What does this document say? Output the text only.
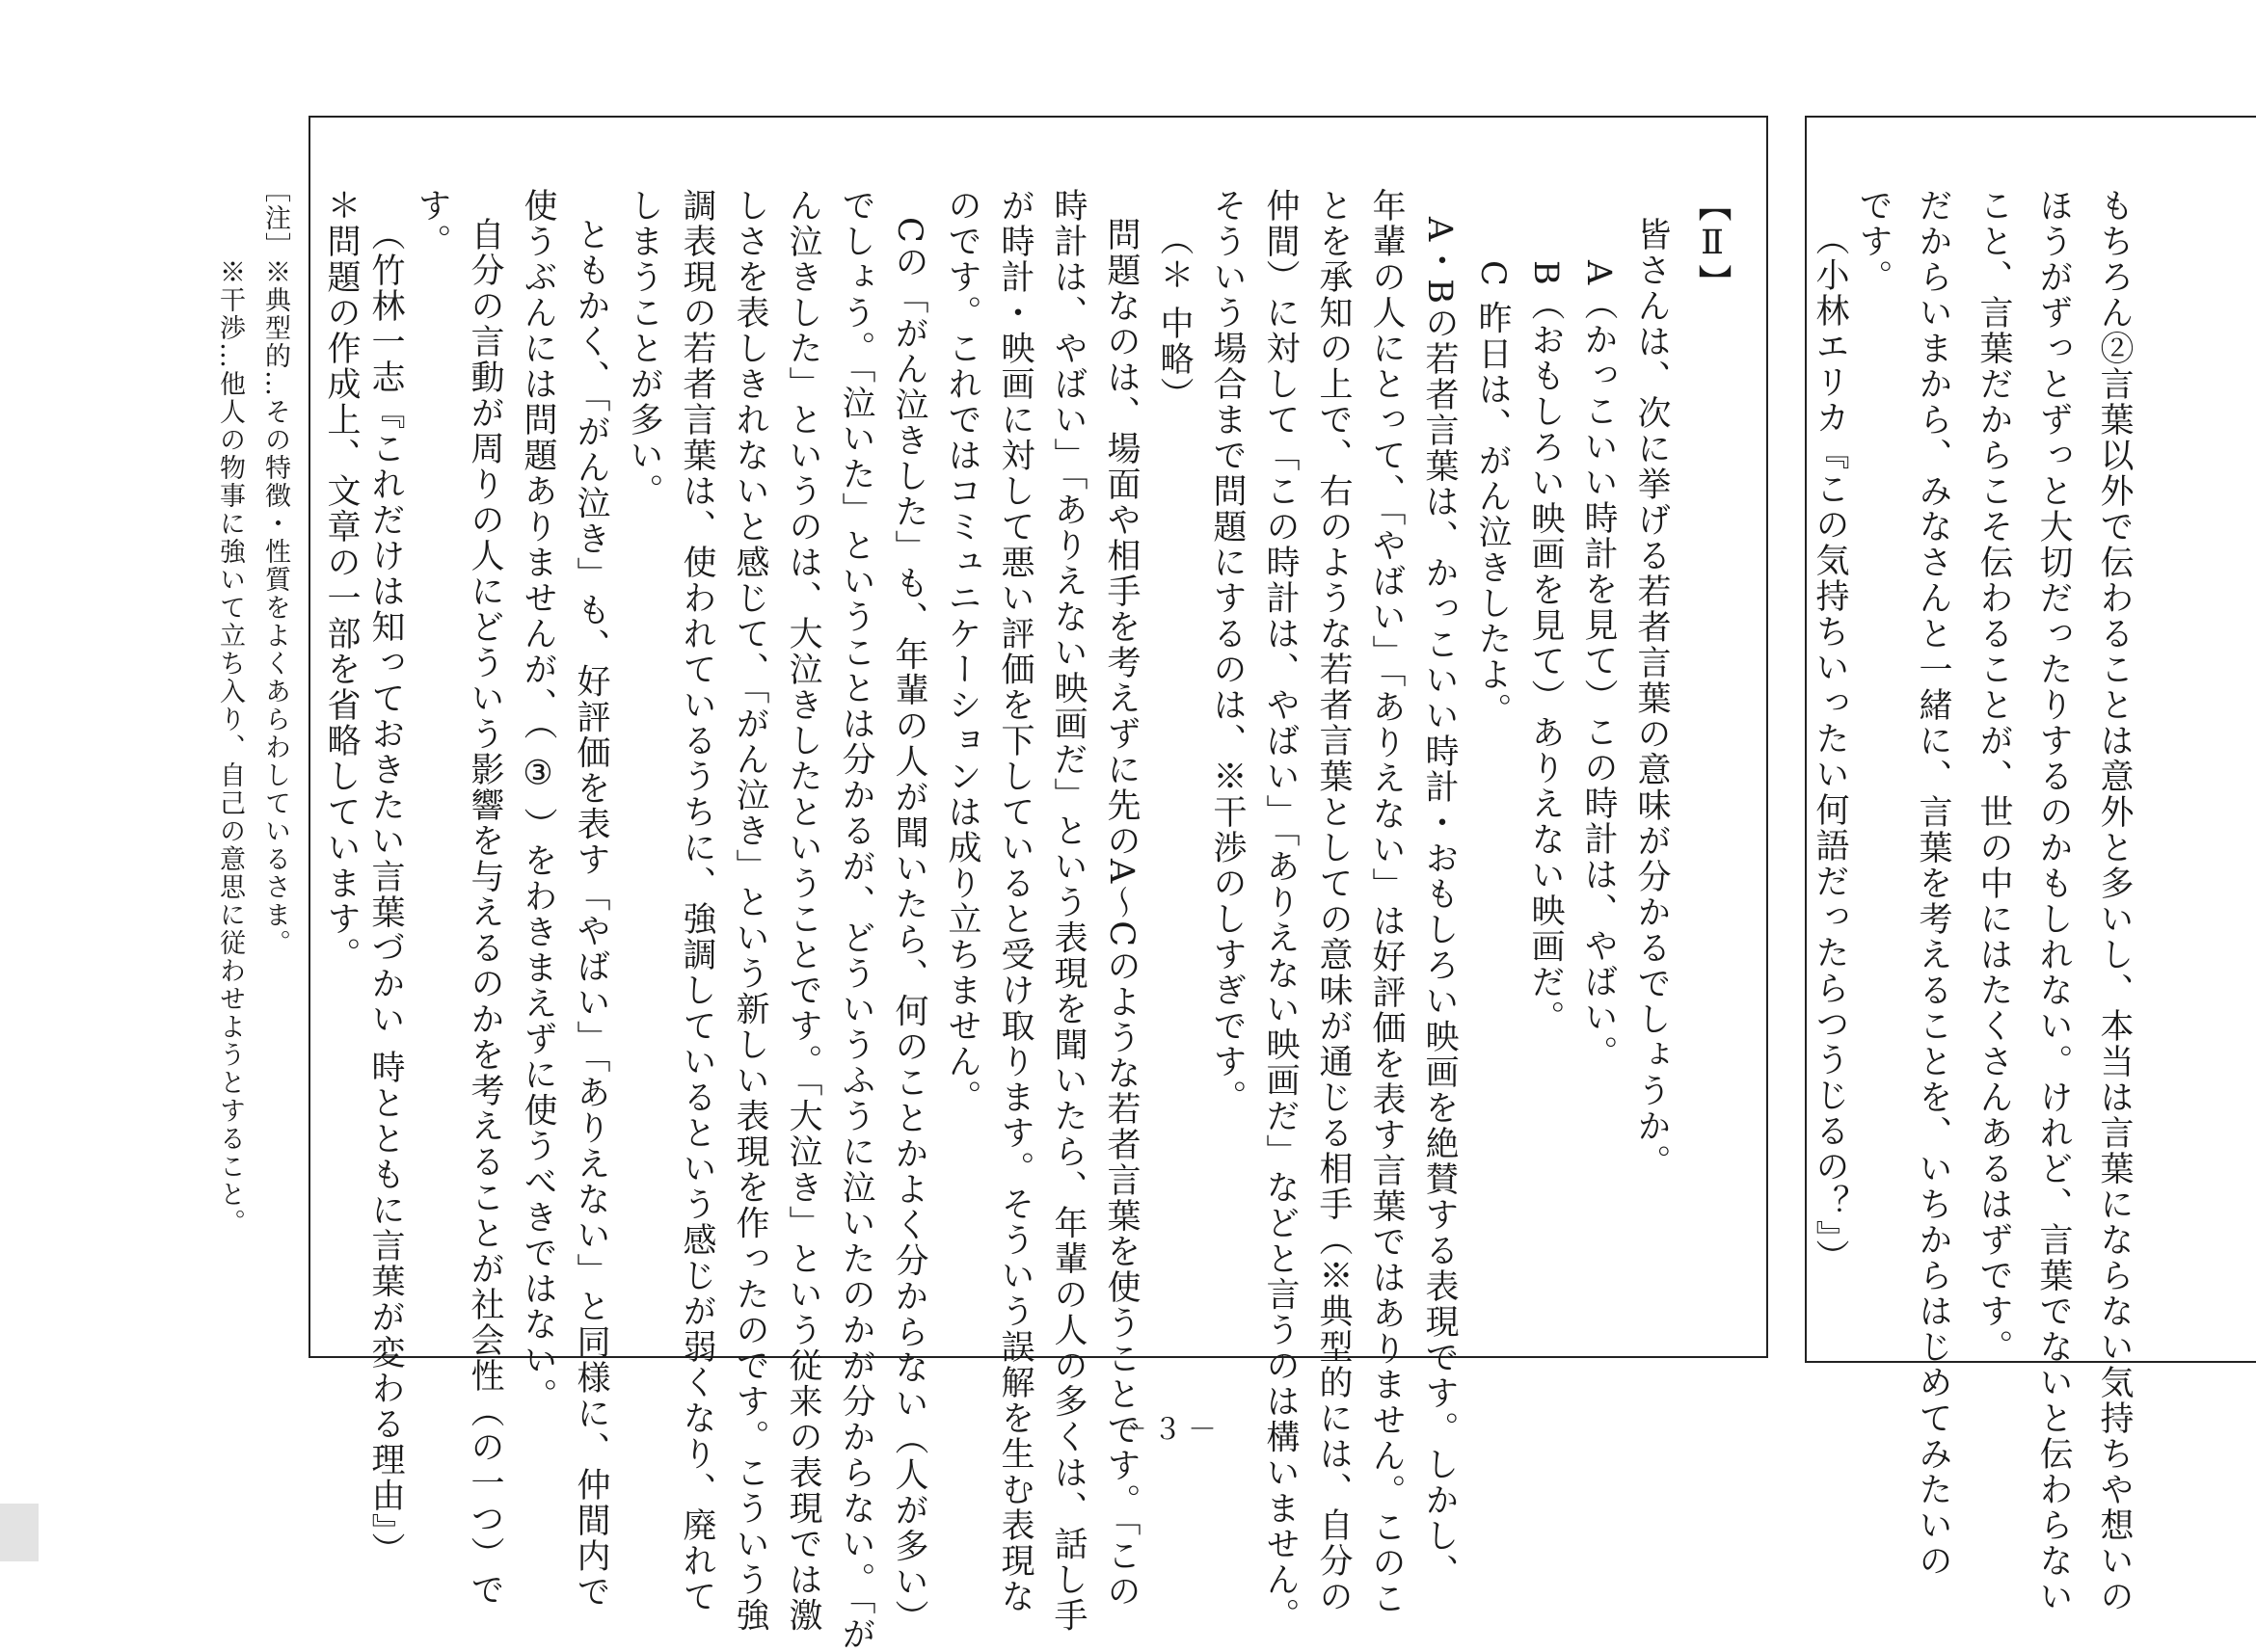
もちろん②言葉以外で伝わることは意外と多いし、本当は言葉にならない気持ちや想いの
ほうがずっとずっと大切だったりするのかもしれない。けれど、言葉でないと伝わらない
こと、言葉だからこそ伝わることが、世の中にはたくさんあるはずです。
だからいまから、みなさんと一緒に、言葉を考えることを、いちからはじめてみたいの
です。
（小林エリカ『この気持ちいったい何語だったらつうじるの？』）
【Ⅱ】
皆さんは、次に挙げる若者言葉の意味が分かるでしょうか。
A（かっこいい時計を見て）この時計は、やばい。
B（おもしろい映画を見て）ありえない映画だ。
C 昨日は、がん泣きしたよ。
A・Bの若者言葉は、かっこいい時計・おもしろい映画を絶賛する表現です。しかし、
年輩の人にとって、「やばい」「ありえない」は好評価を表す言葉ではありません。このこ
とを承知の上で、右のような若者言葉としての意味が通じる相手（※典型的には、自分の
仲間）に対して「この時計は、やばい」「ありえない映画だ」などと言うのは構いません。
そういう場合まで問題にするのは、※干渉のしすぎです。
（＊ 中略）
問題なのは、場面や相手を考えずに先のA～Cのような若者言葉を使うことです。「この
時計は、やばい」「ありえない映画だ」という表現を聞いたら、年輩の人の多くは、話し手
が時計・映画に対して悪い評価を下していると受け取ります。そういう誤解を生む表現な
のです。これではコミュニケーションは成り立ちません。
Cの「がん泣きした」も、年輩の人が聞いたら、何のことかよく分からない（人が多い）
でしょう。「泣いた」ということは分かるが、どういうふうに泣いたのかが分からない。「が
ん泣きした」というのは、大泣きしたということです。「大泣き」という従来の表現では激
しさを表しきれないと感じて、「がん泣き」という新しい表現を作ったのです。こういう強
調表現の若者言葉は、使われているうちに、強調しているという感じが弱くなり、廃れて
しまうことが多い。
ともかく、「がん泣き」も、好評価を表す「やばい」「ありえない」と同様に、仲間内で
使うぶんには問題ありませんが、（ ③ ）をわきまえずに使うべきではない。
自分の言動が周りの人にどういう影響を与えるのかを考えることが社会性（の一つ）で
す。
（竹林一志『これだけは知っておきたい言葉づかい 時とともに言葉が変わる理由』）
＊問題の作成上、文章の一部を省略しています。
［注］
※典型的…その特徴・性質をよくあらわしているさま。
※干渉…他人の物事に強いて立ち入り、自己の意思に従わせようとすること。
－３－
